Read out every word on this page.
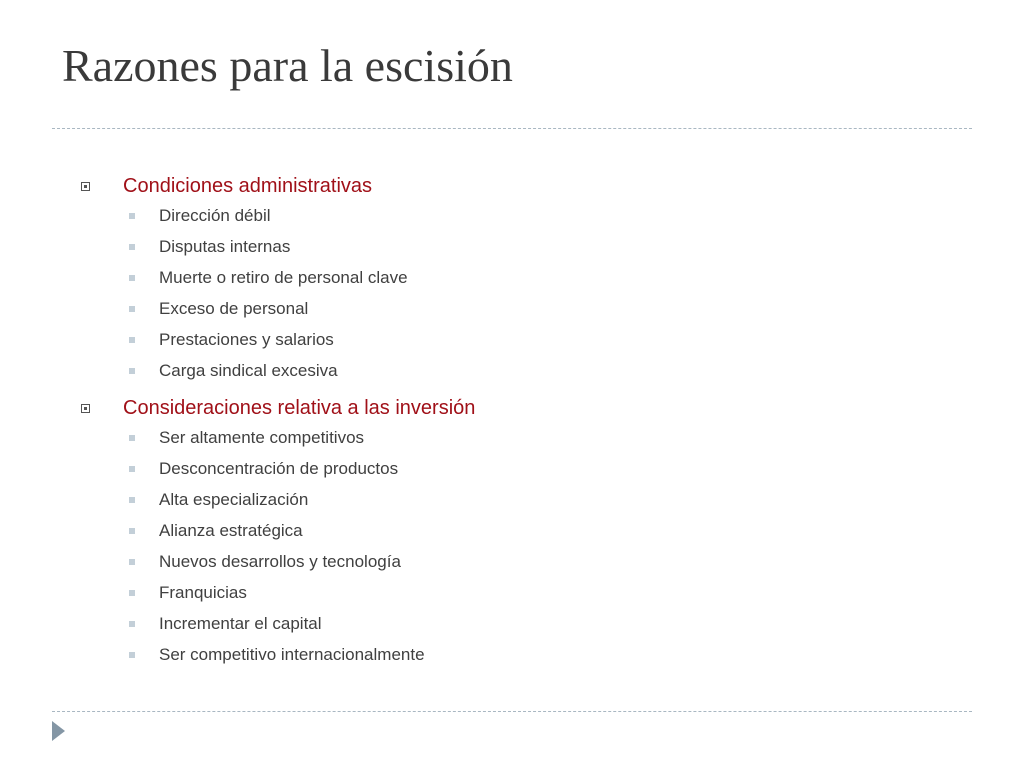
Razones para la escisión
Condiciones administrativas
Dirección débil
Disputas internas
Muerte o retiro de personal clave
Exceso de personal
Prestaciones y salarios
Carga sindical excesiva
Consideraciones relativa a las inversión
Ser altamente competitivos
Desconcentración de productos
Alta especialización
Alianza estratégica
Nuevos desarrollos y tecnología
Franquicias
Incrementar el capital
Ser competitivo internacionalmente
